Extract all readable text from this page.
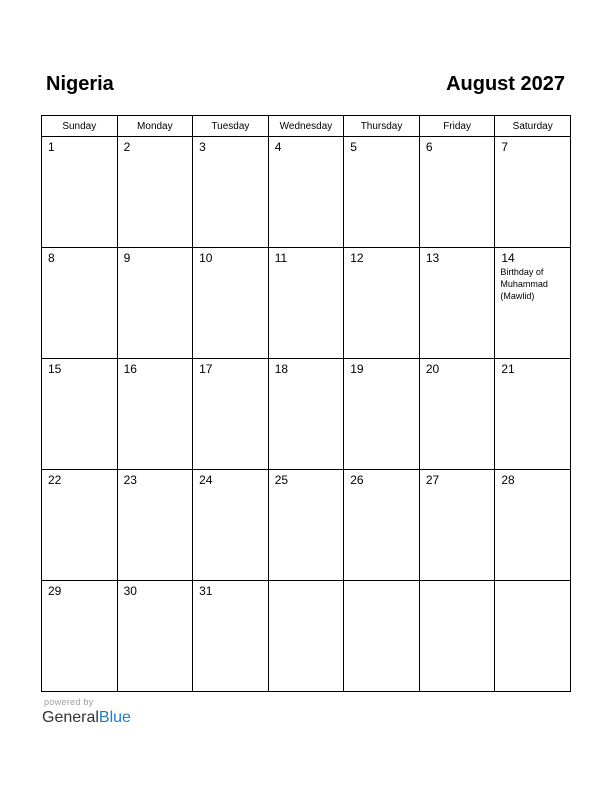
Nigeria	August 2027
Sunday	Monday	Tuesday	Wednesday	Thursday	Friday	Saturday

1	2	3	4	5	6	7

8	9	10	11	12	13	14
Birthday of Muhammad (Mawlid)

15	16	17	18	19	20	21

22	23	24	25	26	27	28

29	30	31				

powered by
GeneralBlue
